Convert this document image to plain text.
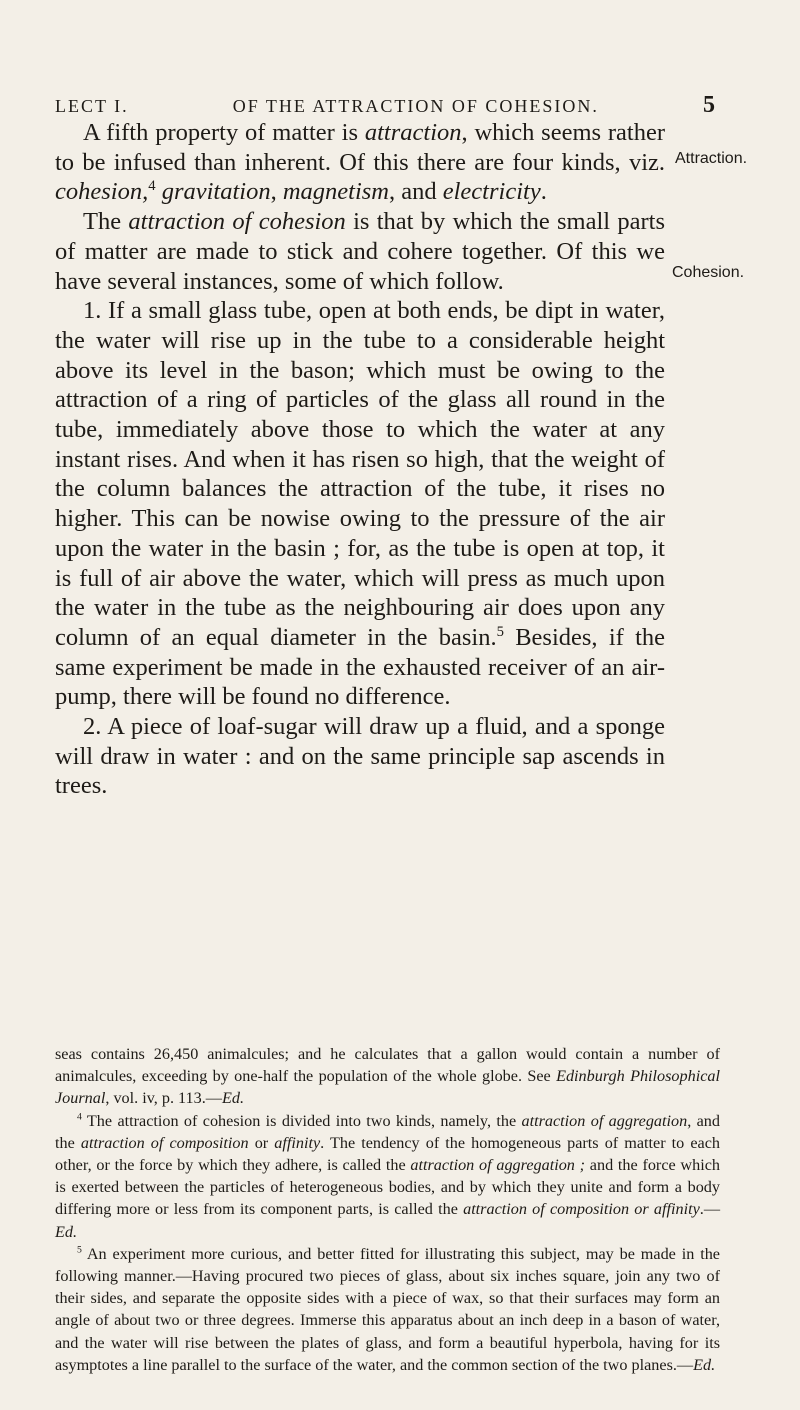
LECT I.	OF THE ATTRACTION OF COHESION.	5
Attraction.
Cohesion.

A fifth property of matter is attraction, which seems rather to be infused than inherent. Of this there are four kinds, viz. cohesion,$^4$ gravitation, magnetism, and electricity.

The attraction of cohesion is that by which the small parts of matter are made to stick and cohere together. Of this we have several instances, some of which follow.

1. If a small glass tube, open at both ends, be dipt in water, the water will rise up in the tube to a considerable height above its level in the bason; which must be owing to the attraction of a ring of particles of the glass all round in the tube, immediately above those to which the water at any instant rises. And when it has risen so high, that the weight of the column balances the attraction of the tube, it rises no higher. This can be nowise owing to the pressure of the air upon the water in the basin ; for, as the tube is open at top, it is full of air above the water, which will press as much upon the water in the tube as the neighbouring air does upon any column of an equal diameter in the basin.$^5$ Besides, if the same experiment be made in the exhausted receiver of an air-pump, there will be found no difference.

2. A piece of loaf-sugar will draw up a fluid, and a sponge will draw in water : and on the same principle sap ascends in trees.

seas contains 26,450 animalcules; and he calculates that a gallon would contain a number of animalcules, exceeding by one-half the population of the whole globe. See Edinburgh Philosophical Journal, vol. iv, p. 113.—Ed.

$^4$ The attraction of cohesion is divided into two kinds, namely, the attraction of aggregation, and the attraction of composition or affinity. The tendency of the homogeneous parts of matter to each other, or the force by which they adhere, is called the attraction of aggregation ; and the force which is exerted between the particles of heterogeneous bodies, and by which they unite and form a body differing more or less from its component parts, is called the attraction of composition or affinity.—Ed.

$^5$ An experiment more curious, and better fitted for illustrating this subject, may be made in the following manner.—Having procured two pieces of glass, about six inches square, join any two of their sides, and separate the opposite sides with a piece of wax, so that their surfaces may form an angle of about two or three degrees. Immerse this apparatus about an inch deep in a bason of water, and the water will rise between the plates of glass, and form a beautiful hyperbola, having for its asymptotes a line parallel to the surface of the water, and the common section of the two planes.—Ed.
